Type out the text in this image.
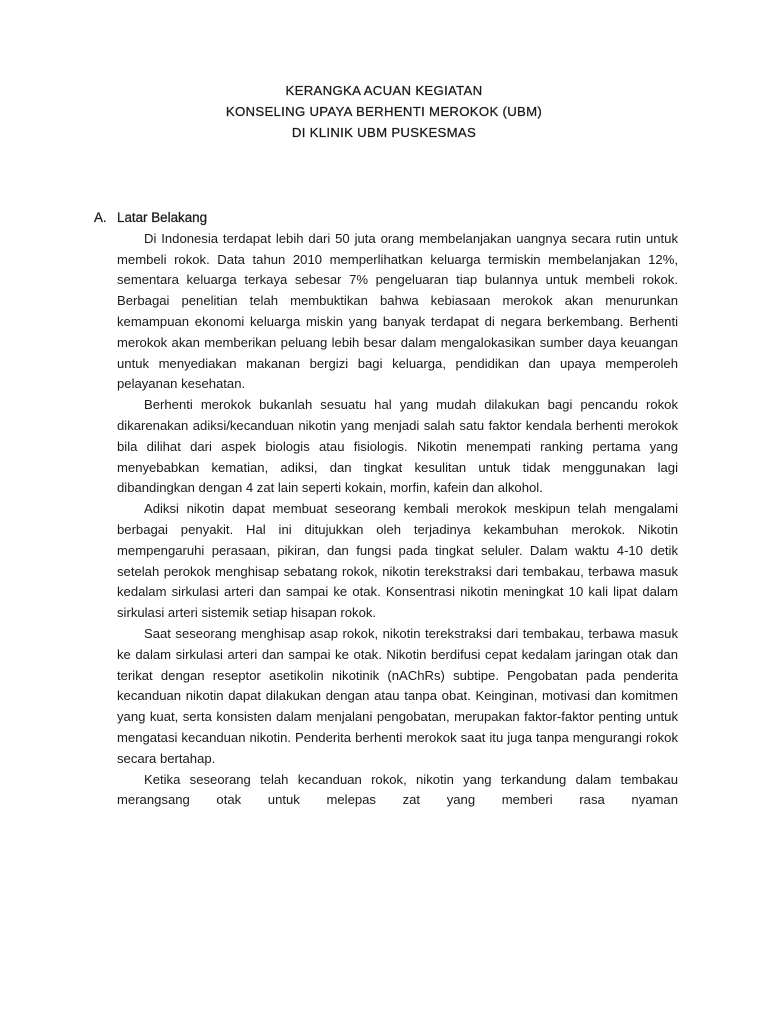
KERANGKA ACUAN KEGIATAN
KONSELING UPAYA BERHENTI MEROKOK (UBM)
DI KLINIK UBM PUSKESMAS
A. Latar Belakang

Di Indonesia terdapat lebih dari 50 juta orang membelanjakan uangnya secara rutin untuk membeli rokok. Data tahun 2010 memperlihatkan keluarga termiskin membelanjakan 12%, sementara keluarga terkaya sebesar 7% pengeluaran tiap bulannya untuk membeli rokok. Berbagai penelitian telah membuktikan bahwa kebiasaan merokok akan menurunkan kemampuan ekonomi keluarga miskin yang banyak terdapat di negara berkembang. Berhenti merokok akan memberikan peluang lebih besar dalam mengalokasikan sumber daya keuangan untuk menyediakan makanan bergizi bagi keluarga, pendidikan dan upaya memperoleh pelayanan kesehatan.

Berhenti merokok bukanlah sesuatu hal yang mudah dilakukan bagi pencandu rokok dikarenakan adiksi/kecanduan nikotin yang menjadi salah satu faktor kendala berhenti merokok bila dilihat dari aspek biologis atau fisiologis. Nikotin menempati ranking pertama yang menyebabkan kematian, adiksi, dan tingkat kesulitan untuk tidak menggunakan lagi dibandingkan dengan 4 zat lain seperti kokain, morfin, kafein dan alkohol.

Adiksi nikotin dapat membuat seseorang kembali merokok meskipun telah mengalami berbagai penyakit. Hal ini ditujukkan oleh terjadinya kekambuhan merokok. Nikotin mempengaruhi perasaan, pikiran, dan fungsi pada tingkat seluler. Dalam waktu 4-10 detik setelah perokok menghisap sebatang rokok, nikotin terekstraksi dari tembakau, terbawa masuk kedalam sirkulasi arteri dan sampai ke otak. Konsentrasi nikotin meningkat 10 kali lipat dalam sirkulasi arteri sistemik setiap hisapan rokok.

Saat seseorang menghisap asap rokok, nikotin terekstraksi dari tembakau, terbawa masuk ke dalam sirkulasi arteri dan sampai ke otak. Nikotin berdifusi cepat kedalam jaringan otak dan terikat dengan reseptor asetikolin nikotinik (nAChRs) subtipe. Pengobatan pada penderita kecanduan nikotin dapat dilakukan dengan atau tanpa obat. Keinginan, motivasi dan komitmen yang kuat, serta konsisten dalam menjalani pengobatan, merupakan faktor-faktor penting untuk mengatasi kecanduan nikotin. Penderita berhenti merokok saat itu juga tanpa mengurangi rokok secara bertahap.

Ketika seseorang telah kecanduan rokok, nikotin yang terkandung dalam tembakau merangsang otak untuk melepas zat yang memberi rasa nyaman
